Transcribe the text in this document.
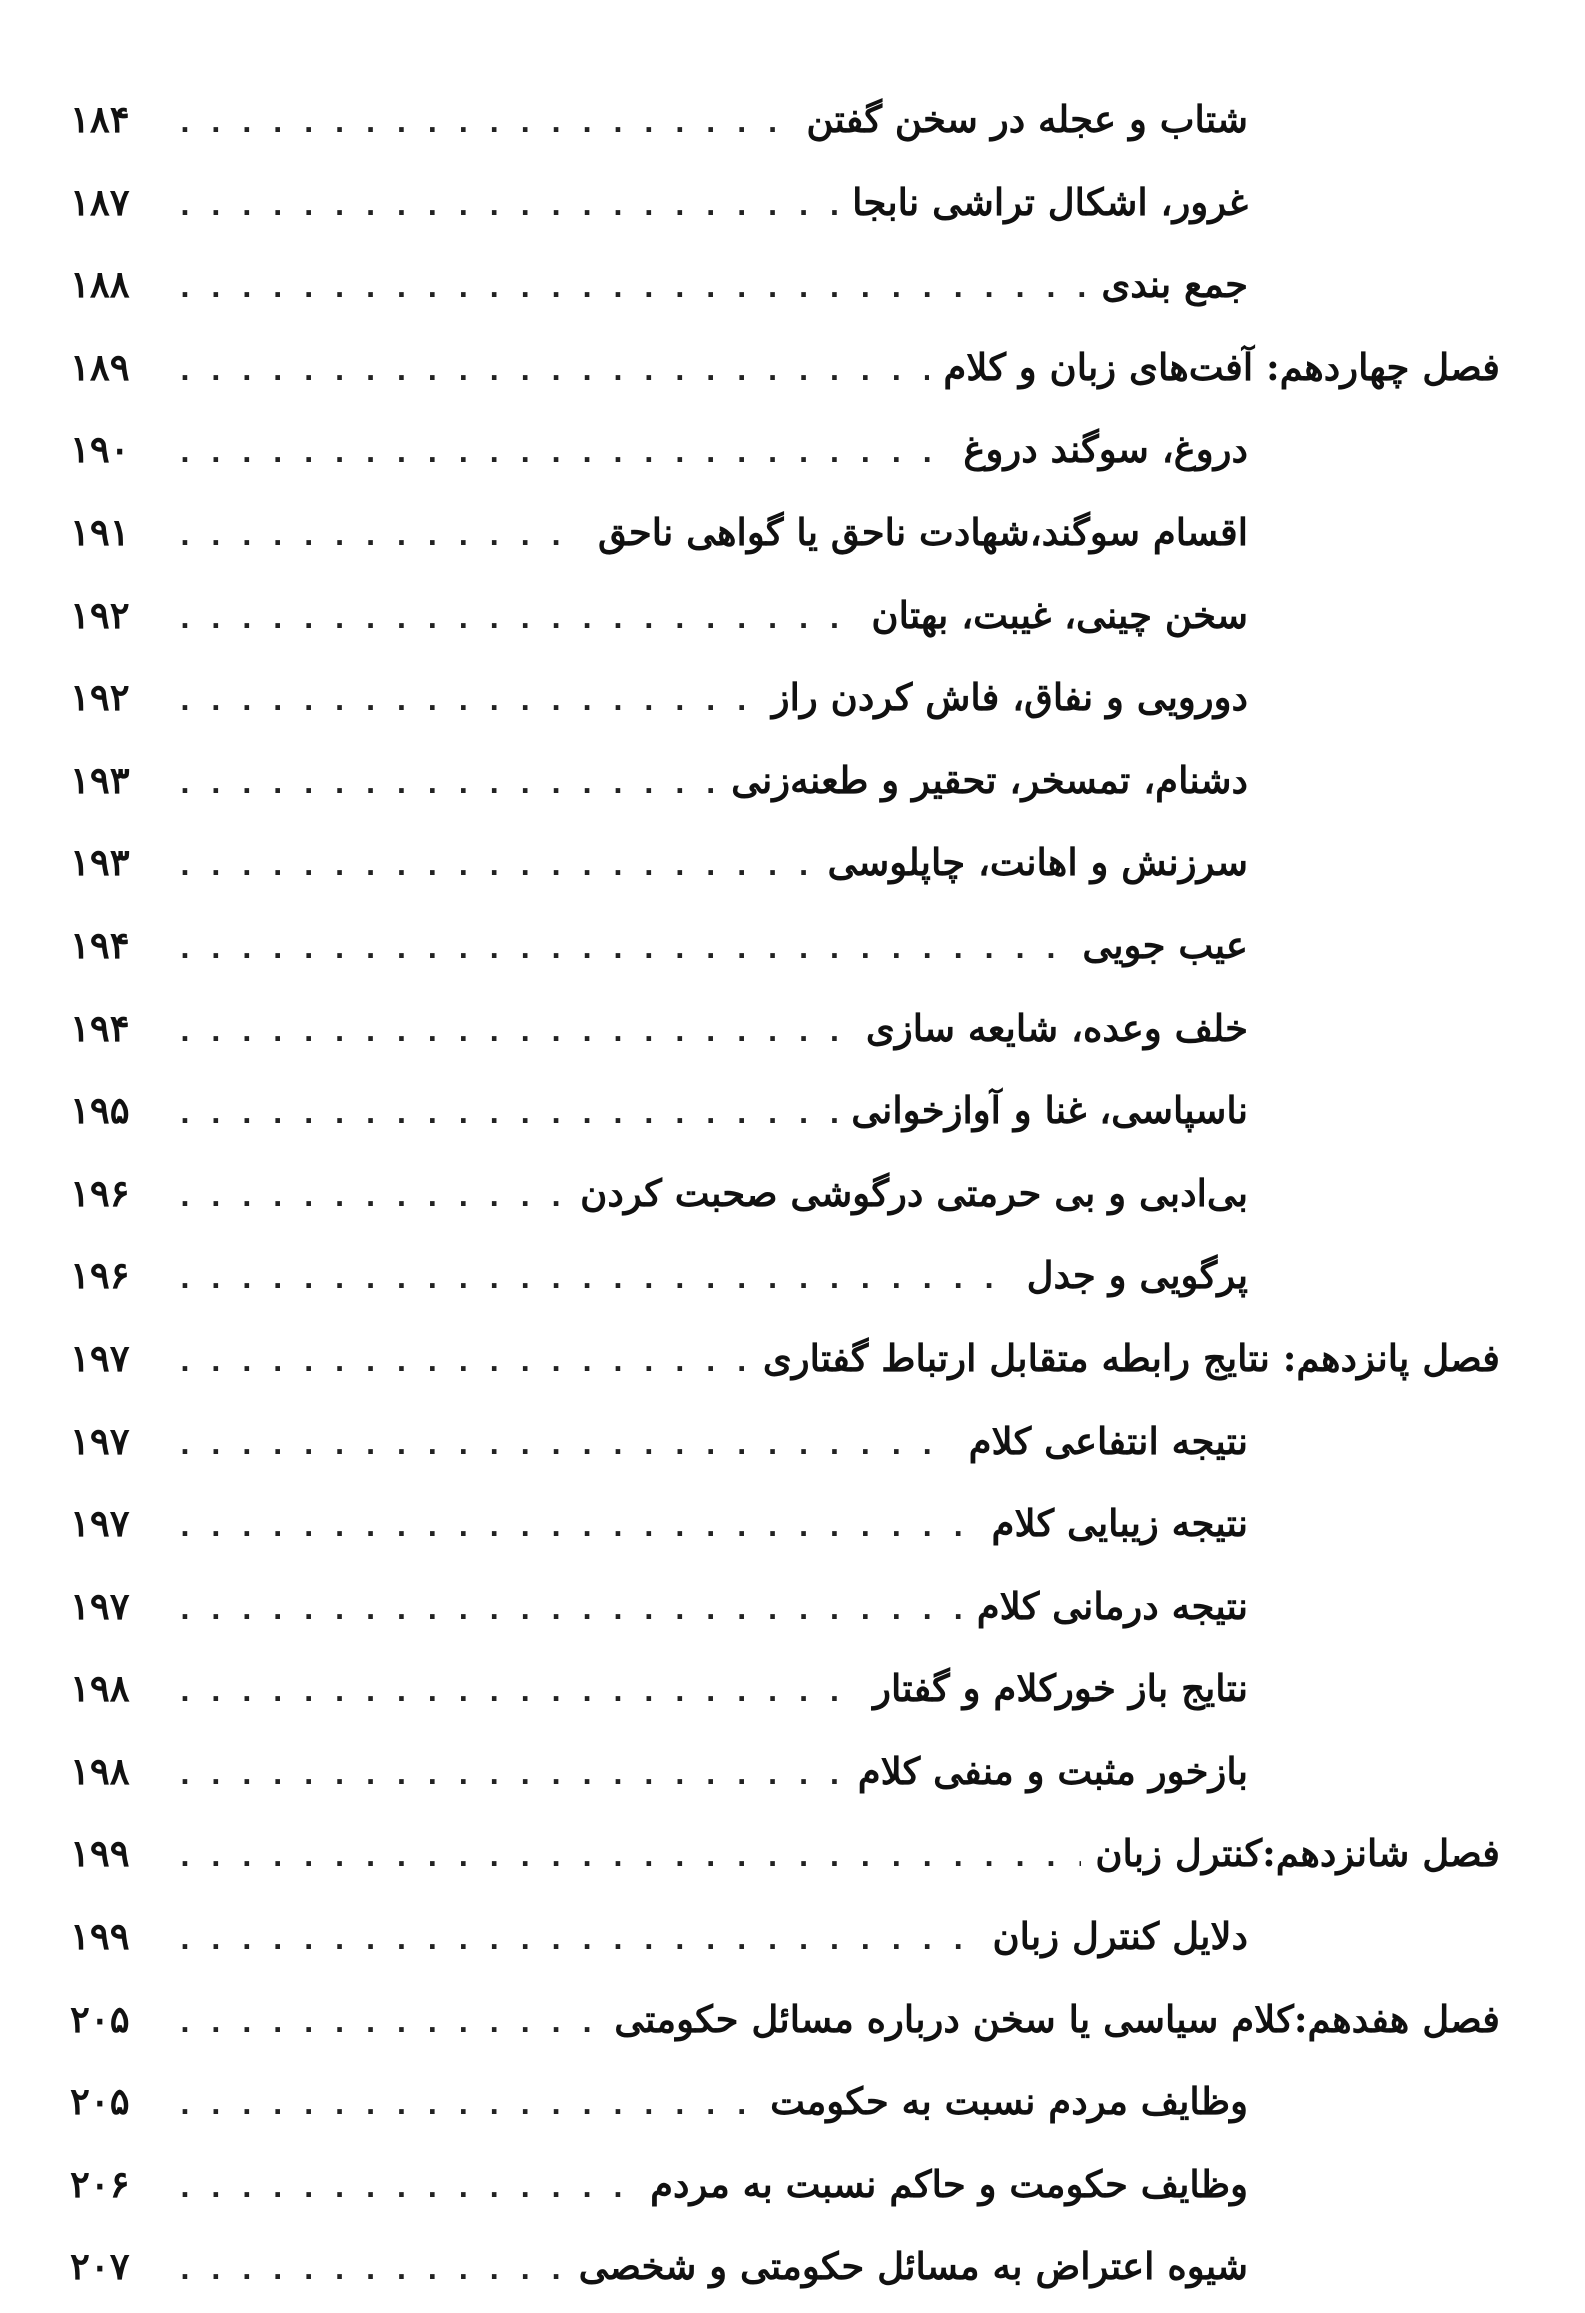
شتاب و عجله در سخن گفتن
. . .
۱۸۴
غرور، اشکال تراشی نابجا
. . .
۱۸۷
جمع بندی
. . .
۱۸۸
فصل چهاردهم: آفت‌های زبان و کلام
. . .
۱۸۹
دروغ، سوگند دروغ
. . .
۱۹۰
اقسام سوگند،شهادت ناحق یا گواهی ناحق
. . .
۱۹۱
سخن چینی، غیبت، بهتان
. . .
۱۹۲
دورویی و نفاق، فاش کردن راز
. . .
۱۹۲
دشنام، تمسخر، تحقیر و طعنه‌زنی
. . .
۱۹۳
سرزنش و اهانت، چاپلوسی
. . .
۱۹۳
عیب جویی
. . .
۱۹۴
خلف وعده، شایعه سازی
. . .
۱۹۴
ناسپاسی، غنا و آوازخوانی
. . .
۱۹۵
بی‌ادبی و بی حرمتی درگوشی صحبت کردن
. . .
۱۹۶
پرگویی و جدل
. . .
۱۹۶
فصل پانزدهم: نتایج رابطه متقابل ارتباط گفتاری
. . .
۱۹۷
نتیجه انتفاعی کلام
. . .
۱۹۷
نتیجه زیبایی کلام
. . .
۱۹۷
نتیجه درمانی کلام
. . .
۱۹۷
نتایج باز خورکلام و گفتار
. . .
۱۹۸
بازخور مثبت و منفی کلام
. . .
۱۹۸
فصل شانزدهم:کنترل زبان
. . .
۱۹۹
دلایل کنترل زبان
. . .
۱۹۹
فصل هفدهم:کلام سیاسی یا سخن درباره مسائل حکومتی
. . .
۲۰۵
وظایف مردم نسبت به حکومت
. . .
۲۰۵
وظایف حکومت و حاکم نسبت به مردم
. . .
۲۰۶
شیوه اعتراض به مسائل حکومتی و شخصی
. . .
۲۰۷
